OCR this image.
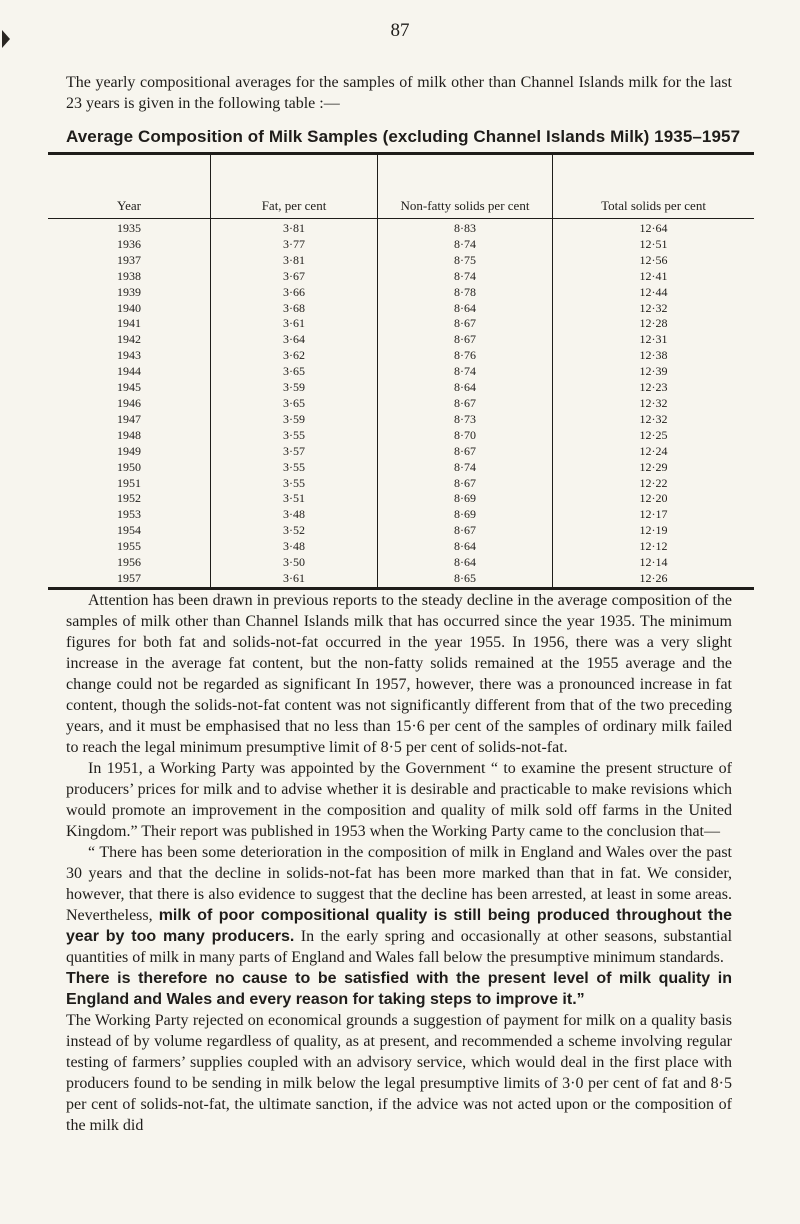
87

The yearly compositional averages for the samples of milk other than Channel Islands milk for the last 23 years is given in the following table :—

Average Composition of Milk Samples (excluding Channel Islands Milk) 1935–1957
Year	Fat, per cent	Non-fatty solids per cent	Total solids per cent
1935	3·81	8·83	12·64
1936	3·77	8·74	12·51
1937	3·81	8·75	12·56
1938	3·67	8·74	12·41
1939	3·66	8·78	12·44
1940	3·68	8·64	12·32
1941	3·61	8·67	12·28
1942	3·64	8·67	12·31
1943	3·62	8·76	12·38
1944	3·65	8·74	12·39
1945	3·59	8·64	12·23
1946	3·65	8·67	12·32
1947	3·59	8·73	12·32
1948	3·55	8·70	12·25
1949	3·57	8·67	12·24
1950	3·55	8·74	12·29
1951	3·55	8·67	12·22
1952	3·51	8·69	12·20
1953	3·48	8·69	12·17
1954	3·52	8·67	12·19
1955	3·48	8·64	12·12
1956	3·50	8·64	12·14
1957	3·61	8·65	12·26

Attention has been drawn in previous reports to the steady decline in the average composition of the samples of milk other than Channel Islands milk that has occurred since the year 1935. The minimum figures for both fat and solids-not-fat occurred in the year 1955. In 1956, there was a very slight increase in the average fat content, but the non-fatty solids remained at the 1955 average and the change could not be regarded as significant In 1957, however, there was a pronounced increase in fat content, though the solids-not-fat content was not significantly different from that of the two preceding years, and it must be emphasised that no less than 15·6 per cent of the samples of ordinary milk failed to reach the legal minimum presumptive limit of 8·5 per cent of solids-not-fat.

In 1951, a Working Party was appointed by the Government “ to examine the present structure of producers’ prices for milk and to advise whether it is desirable and practicable to make revisions which would promote an improvement in the composition and quality of milk sold off farms in the United Kingdom.” Their report was published in 1953 when the Working Party came to the conclusion that—

“ There has been some deterioration in the composition of milk in England and Wales over the past 30 years and that the decline in solids-not-fat has been more marked than that in fat. We consider, however, that there is also evidence to suggest that the decline has been arrested, at least in some areas. Nevertheless, milk of poor compositional quality is still being produced throughout the year by too many producers. In the early spring and occasionally at other seasons, substantial quantities of milk in many parts of England and Wales fall below the presumptive minimum standards.
There is therefore no cause to be satisfied with the present level of milk quality in England and Wales and every reason for taking steps to improve it.”

The Working Party rejected on economical grounds a suggestion of payment for milk on a quality basis instead of by volume regardless of quality, as at present, and recommended a scheme involving regular testing of farmers’ supplies coupled with an advisory service, which would deal in the first place with producers found to be sending in milk below the legal presumptive limits of 3·0 per cent of fat and 8·5 per cent of solids-not-fat, the ultimate sanction, if the advice was not acted upon or the composition of the milk did
